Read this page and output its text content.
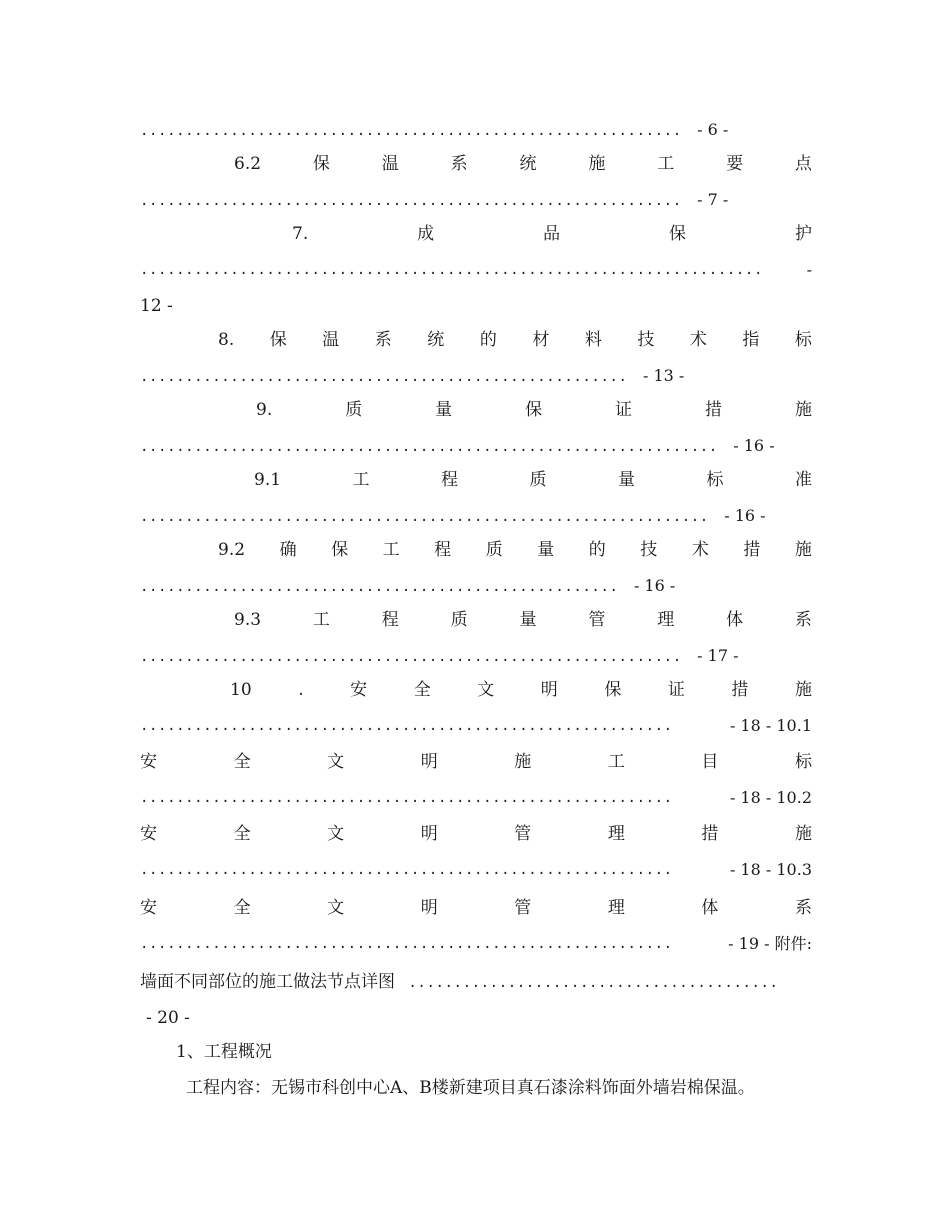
............................................................ - 6 -
6.2	保	温	系	统	施	工	要	点
............................................................ - 7 -
7.	成	品	保	护
.....................................................................	-
12 -
8. 保 温 系 统 的 材 料 技 术 指 标
...................................................... - 13 -
9.	质	量	保	证	措	施
................................................................ - 16 -
9.1	工	程	质	量	标	准
............................................................... - 16 -
9.2 确 保 工 程 质 量 的 技 术 措 施
..................................................... - 16 -
9.3	工	程	质	量	管	理	体	系
............................................................ - 17 -
10	.	安	全	文	明	保	证	措	施
...........................................................	- 18 - 10.1
安	全	文	明	施	工	目	标
...........................................................	- 18 - 10.2
安	全	文	明	管	理	措	施
...........................................................	- 18 - 10.3
安	全	文	明	管	理	体	系
...........................................................	- 19 - 附件:
墙面不同部位的施工做法节点详图 .........................................
- 20 -
1、工程概况
工程内容：无锡市科创中心A、B楼新建项目真石漆涂料饰面外墙岩棉保温。
